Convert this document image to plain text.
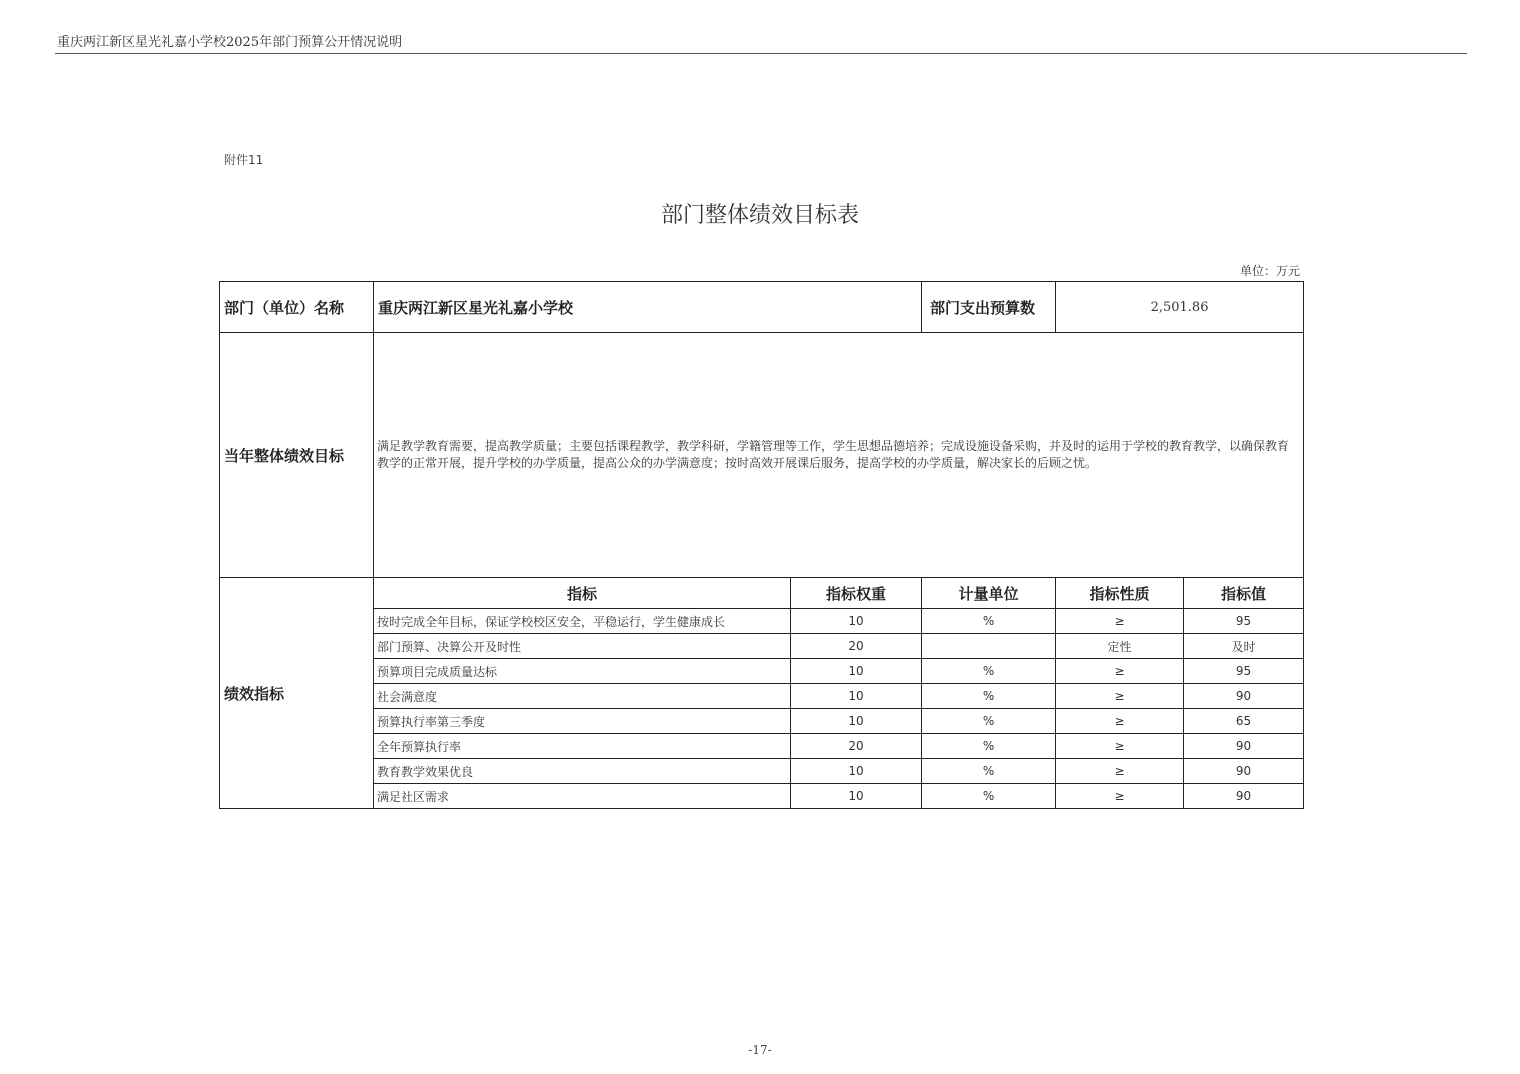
重庆两江新区星光礼嘉小学校2025年部门预算公开情况说明
附件11
部门整体绩效目标表
单位：万元
部门（单位）名称	重庆两江新区星光礼嘉小学校		部门支出预算数	2,501.86	
当年整体绩效目标	满足教学教育需要，提高教学质量；主要包括课程教学，教学科研，学籍管理等工作，学生思想品德培养；完成设施设备采购，并及时的运用于学校的教育教学，以确保教育教学的正常开展，提升学校的办学质量，提高公众的办学满意度；按时高效开展课后服务，提高学校的办学质量，解决家长的后顾之忧。				
绩效指标	指标	指标权重	计量单位	指标性质	指标值
	按时完成全年目标，保证学校校区安全，平稳运行，学生健康成长	10	%	≥	95
	部门预算、决算公开及时性	20		定性	及时
	预算项目完成质量达标	10	%	≥	95
	社会满意度	10	%	≥	90
	预算执行率第三季度	10	%	≥	65
	全年预算执行率	20	%	≥	90
	教育教学效果优良	10	%	≥	90
	满足社区需求	10	%	≥	90
-17-
